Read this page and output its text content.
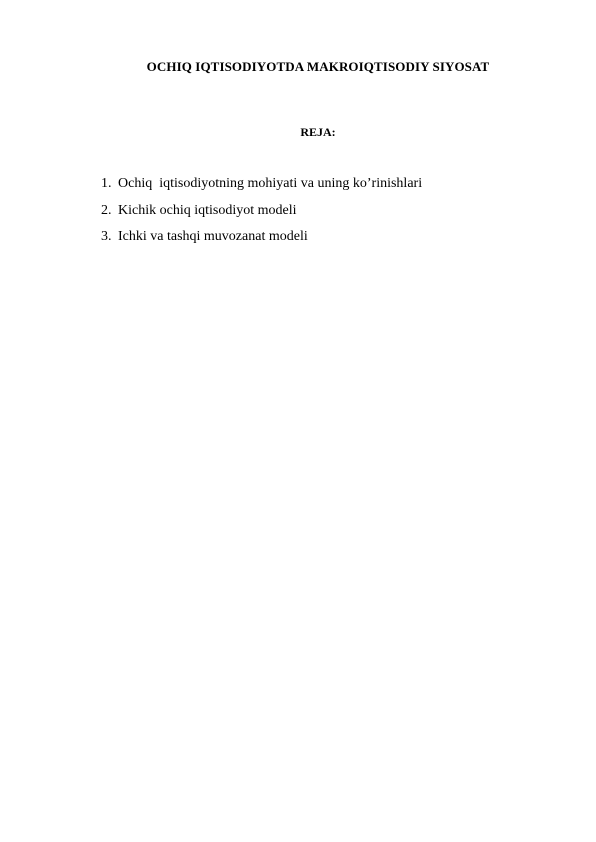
OCHIQ IQTISODIYOTDA MAKROIQTISODIY SIYOSAT
REJA:
1. Ochiq  iqtisodiyotning mohiyati va uning ko’rinishlari
2. Kichik ochiq iqtisodiyot modeli
3. Ichki va tashqi muvozanat modeli
